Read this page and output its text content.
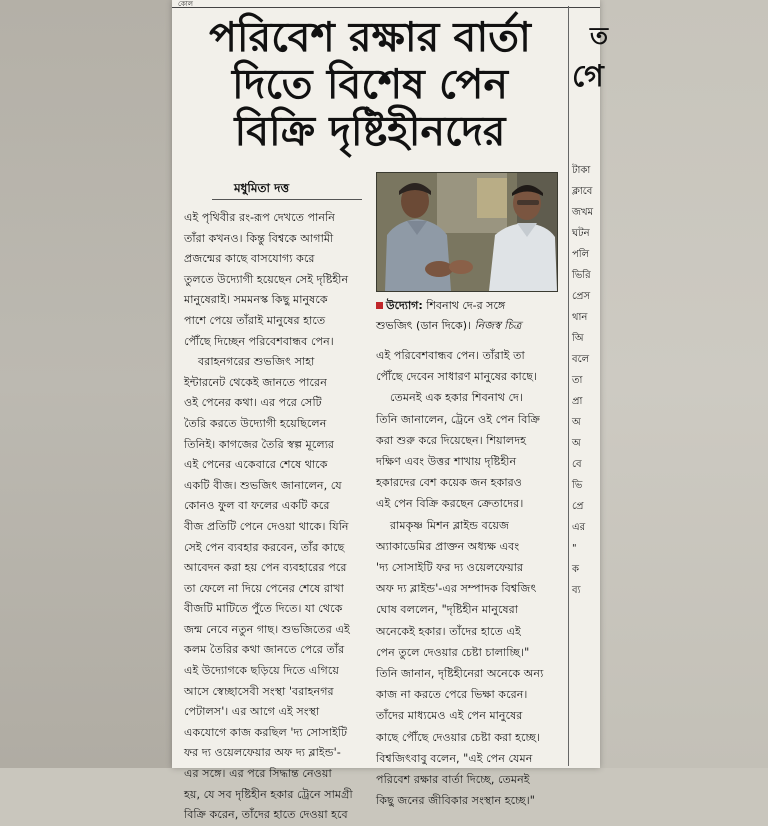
কোল
পরিবেশ রক্ষার বার্তা
দিতে বিশেষ পেন
বিক্রি দৃষ্টিহীনদের
মধুমিতা দত্ত
এই পৃথিবীর রং-রূপ দেখতে পাননি
তাঁরা কখনও। কিন্তু বিশ্বকে আগামী
প্রজন্মের কাছে বাসযোগ্য করে
তুলতে উদ্যোগী হয়েছেন সেই দৃষ্টিহীন
মানুষেরাই। সমমনস্ক কিছু মানুষকে
পাশে পেয়ে তাঁরাই মানুষের হাতে
পৌঁছে দিচ্ছেন পরিবেশবান্ধব পেন।
বরাহনগরের শুভজিৎ সাহা
ইন্টারনেট থেকেই জানতে পারেন
ওই পেনের কথা। এর পরে সেটি
তৈরি করতে উদ্যোগী হয়েছিলেন
তিনিই। কাগজের তৈরি স্বল্প মূল্যের
এই পেনের একেবারে শেষে থাকে
একটি বীজ। শুভজিৎ জানালেন, যে
কোনও ফুল বা ফলের একটি করে
বীজ প্রতিটি পেনে দেওয়া থাকে। যিনি
সেই পেন ব্যবহার করবেন, তাঁর কাছে
আবেদন করা হয় পেন ব্যবহারের পরে
তা ফেলে না দিয়ে পেনের শেষে রাখা
বীজটি মাটিতে পুঁতে দিতে। যা থেকে
জন্ম নেবে নতুন গাছ। শুভজিতের এই
কলম তৈরির কথা জানতে পেরে তাঁর
এই উদ্যোগকে ছড়িয়ে দিতে এগিয়ে
আসে স্বেচ্ছাসেবী সংস্থা 'বরাহনগর
পেটালস'। এর আগে এই সংস্থা
একযোগে কাজ করছিল 'দ্য সোসাইটি
ফর দ্য ওয়েলফেয়ার অফ দ্য ব্লাইন্ড'-
এর সঙ্গে। এর পরে সিদ্ধান্ত নেওয়া
হয়, যে সব দৃষ্টিহীন হকার ট্রেনে সামগ্রী
বিক্রি করেন, তাঁদের হাতে দেওয়া হবে
উদ্যোগ: শিবনাথ দে-র সঙ্গে
শুভজিৎ (ডান দিকে)। নিজস্ব চিত্র
এই পরিবেশবান্ধব পেন। তাঁরাই তা
পৌঁছে দেবেন সাধারণ মানুষের কাছে।
তেমনই এক হকার শিবনাথ দে।
তিনি জানালেন, ট্রেনে ওই পেন বিক্রি
করা শুরু করে দিয়েছেন। শিয়ালদহ
দক্ষিণ এবং উত্তর শাখায় দৃষ্টিহীন
হকারদের বেশ কয়েক জন হকারও
এই পেন বিক্রি করছেন ক্রেতাদের।
রামকৃষ্ণ মিশন ব্লাইন্ড বয়েজ
অ্যাকাডেমির প্রাক্তন অধ্যক্ষ এবং
'দ্য সোসাইটি ফর দ্য ওয়েলফেয়ার
অফ দ্য ব্লাইন্ড'-এর সম্পাদক বিশ্বজিৎ
ঘোষ বললেন, "দৃষ্টিহীন মানুষেরা
অনেকেই হকার। তাঁদের হাতে এই
পেন তুলে দেওয়ার চেষ্টা চালাচ্ছি।"
তিনি জানান, দৃষ্টিহীনেরা অনেকে অন্য
কাজ না করতে পেরে ভিক্ষা করেন।
তাঁদের মাধ্যমেও এই পেন মানুষের
কাছে পৌঁছে দেওয়ার চেষ্টা করা হচ্ছে।
বিশ্বজিৎবাবু বলেন, "এই পেন যেমন
পরিবেশ রক্ষার বার্তা দিচ্ছে, তেমনই
কিছু জনের জীবিকার সংস্থান হচ্ছে।"
ত
গে
টাকা
ক্লাবে
জখম
ঘটন
পলি
ভিরি
প্রেস
থান
অি
বলে
তা
প্রা
অ
অ
বে
ভি
প্রে
এর
"
ক
ব্য
